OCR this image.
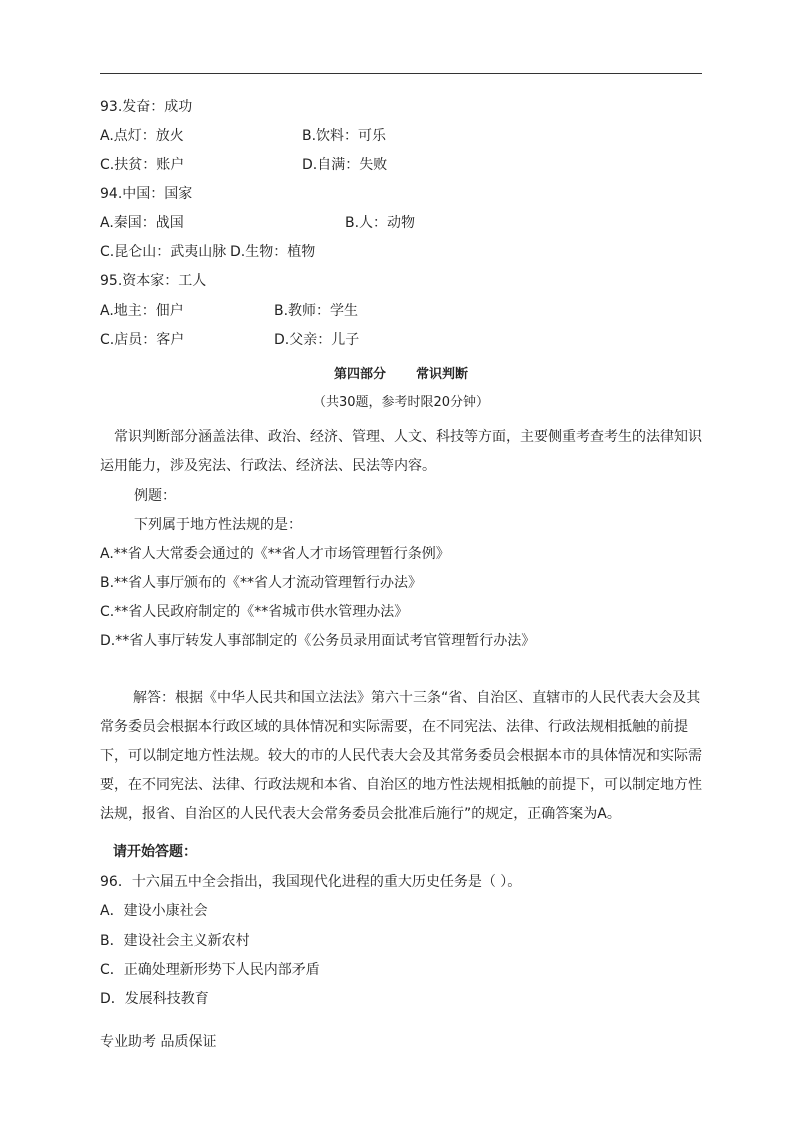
93.发奋：成功
A.点灯：放火	B.饮料：可乐
C.扶贫：账户	D.自满：失败
94.中国：国家
A.秦国：战国	B.人：动物
C.昆仑山：武夷山脉 D.生物：植物
95.资本家：工人
A.地主：佃户	B.教师：学生
C.店员：客户	D.父亲：儿子
第四部分 常识判断
（共30题，参考时限20分钟）
常识判断部分涵盖法律、政治、经济、管理、人文、科技等方面，主要侧重考查考生的法律知识运用能力，涉及宪法、行政法、经济法、民法等内容。
例题：
下列属于地方性法规的是：
A.**省人大常委会通过的《**省人才市场管理暂行条例》
B.**省人事厅颁布的《**省人才流动管理暂行办法》
C.**省人民政府制定的《**省城市供水管理办法》
D.**省人事厅转发人事部制定的《公务员录用面试考官管理暂行办法》
解答：根据《中华人民共和国立法法》第六十三条“省、自治区、直辖市的人民代表大会及其常务委员会根据本行政区域的具体情况和实际需要，在不同宪法、法律、行政法规相抵触的前提下，可以制定地方性法规。较大的市的人民代表大会及其常务委员会根据本市的具体情况和实际需要，在不同宪法、法律、行政法规和本省、自治区的地方性法规相抵触的前提下，可以制定地方性法规，报省、自治区的人民代表大会常务委员会批准后施行”的规定，正确答案为A。
请开始答题：
96．十六届五中全会指出，我国现代化进程的重大历史任务是（ ）。
A．建设小康社会
B．建设社会主义新农村
C．正确处理新形势下人民内部矛盾
D．发展科技教育
专业助考 品质保证
